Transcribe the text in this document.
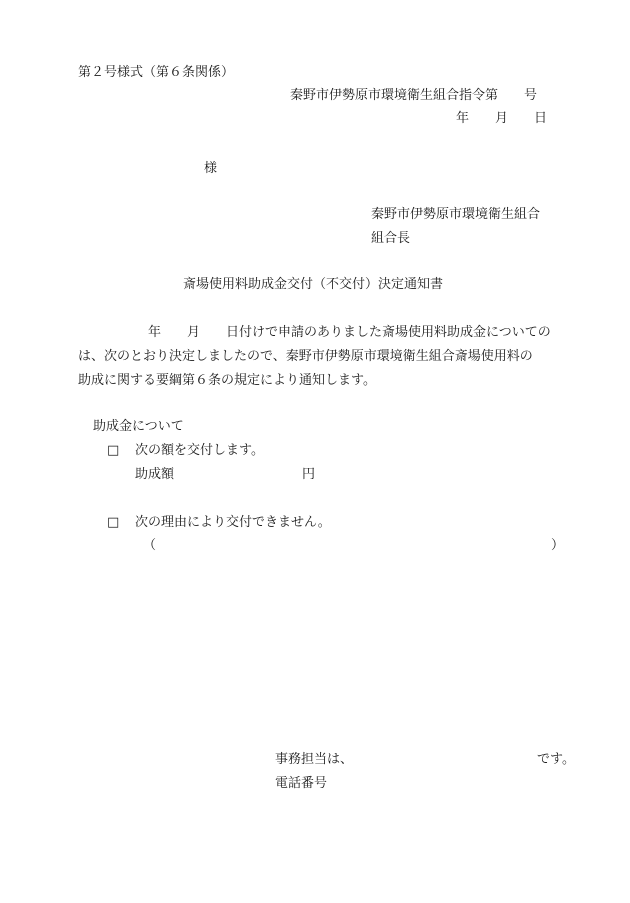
第２号様式（第６条関係）
秦野市伊勢原市環境衛生組合指令第　　号
年　　月　　日
様
秦野市伊勢原市環境衛生組合
組合長
斎場使用料助成金交付（不交付）決定通知書
年　　月　　日付けで申請のありました斎場使用料助成金についての
は、次のとおり決定しましたので、秦野市伊勢原市環境衛生組合斎場使用料の
助成に関する要綱第６条の規定により通知します。
助成金について
□ 次の額を交付します。
助成額	円
□ 次の理由により交付できません。
（	）
事務担当は、	です。
電話番号
